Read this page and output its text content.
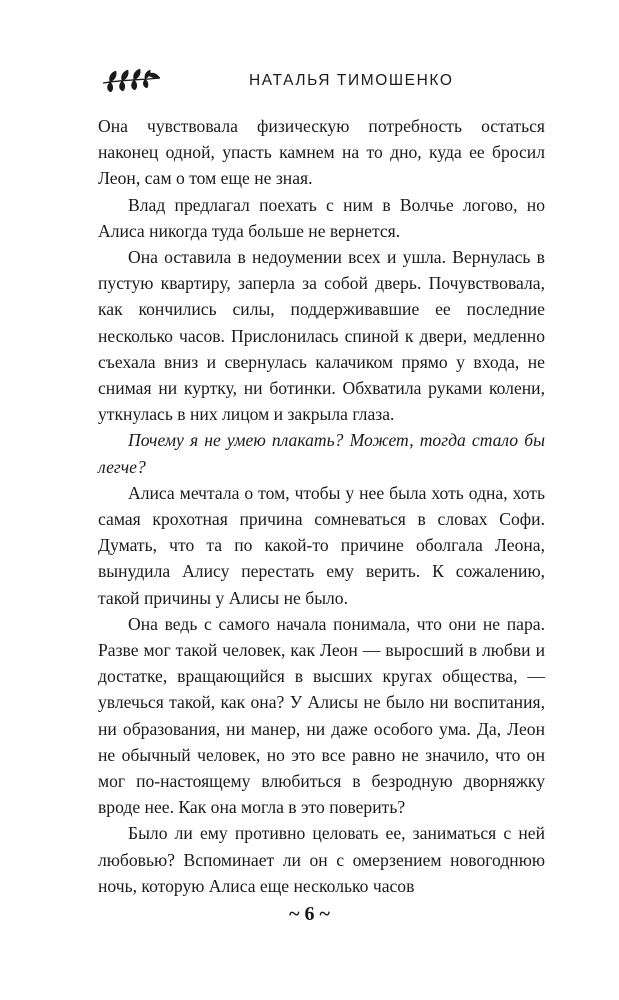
НАТАЛЬЯ ТИМОШЕНКО

Она чувствовала физическую потребность остаться наконец одной, упасть камнем на то дно, куда ее бросил Леон, сам о том еще не зная.

Влад предлагал поехать с ним в Волчье логово, но Алиса никогда туда больше не вернется.

Она оставила в недоумении всех и ушла. Вернулась в пустую квартиру, заперла за собой дверь. Почувствовала, как кончились силы, поддерживавшие ее последние несколько часов. Прислонилась спиной к двери, медленно съехала вниз и свернулась калачиком прямо у входа, не снимая ни куртку, ни ботинки. Обхватила руками колени, уткнулась в них лицом и закрыла глаза.

Почему я не умею плакать? Может, тогда стало бы легче?

Алиса мечтала о том, чтобы у нее была хоть одна, хоть самая крохотная причина сомневаться в словах Софи. Думать, что та по какой-то причине оболгала Леона, вынудила Алису перестать ему верить. К сожалению, такой причины у Алисы не было.

Она ведь с самого начала понимала, что они не пара. Разве мог такой человек, как Леон — выросший в любви и достатке, вращающийся в высших кругах общества, — увлечься такой, как она? У Алисы не было ни воспитания, ни образования, ни манер, ни даже особого ума. Да, Леон не обычный человек, но это все равно не значило, что он мог по-настоящему влюбиться в безродную дворняжку вроде нее. Как она могла в это поверить?

Было ли ему противно целовать ее, заниматься с ней любовью? Вспоминает ли он с омерзением новогоднюю ночь, которую Алиса еще несколько часов

~ 6 ~
